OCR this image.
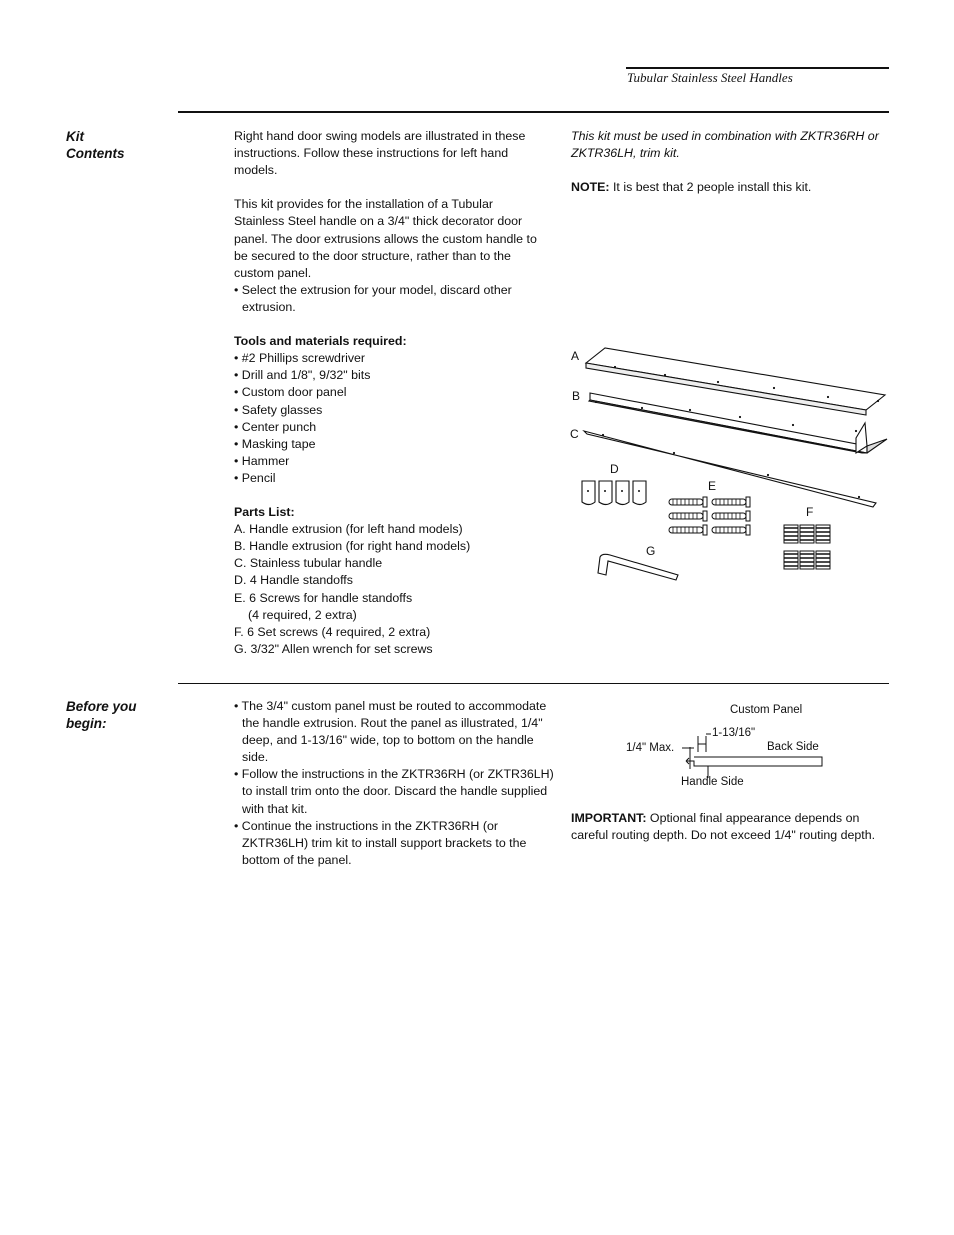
Tubular Stainless Steel Handles
Kit
Contents

Right hand door swing models are illustrated in these instructions. Follow these instructions for left hand models.

This kit provides for the installation of a Tubular Stainless Steel handle on a 3/4" thick decorator door panel. The door extrusions allows the custom handle to be secured to the door structure, rather than to the custom panel.

• Select the extrusion for your model, discard other extrusion.

Tools and materials required:

• #2 Phillips screwdriver

• Drill and 1/8", 9/32" bits

• Custom door panel

• Safety glasses

• Center punch

• Masking tape

• Hammer

• Pencil

Parts List:

A. Handle extrusion (for left hand models)

B. Handle extrusion (for right hand models)

C. Stainless tubular handle

D. 4 Handle standoffs

E. 6 Screws for handle standoffs

(4 required, 2 extra)

F. 6 Set screws (4 required, 2 extra)

G. 3/32" Allen wrench for set screws

This kit must be used in combination with ZKTR36RH or ZKTR36LH, trim kit.

NOTE: It is best that 2 people install this kit.

A
B
C
D
E
F
G
Before you
begin:

• The 3/4" custom panel must be routed to accommodate the handle extrusion. Rout the panel as illustrated, 1/4" deep, and 1-13/16" wide, top to bottom on the handle side.

• Follow the instructions in the ZKTR36RH (or ZKTR36LH) to install trim onto the door. Discard the handle supplied with that kit.

• Continue the instructions in the ZKTR36RH (or ZKTR36LH) trim kit to install support brackets to the bottom of the panel.

Custom Panel
1-13/16"
1/4" Max.	Back Side
Handle Side

IMPORTANT: Optional final appearance depends on careful routing depth. Do not exceed 1/4" routing depth.
